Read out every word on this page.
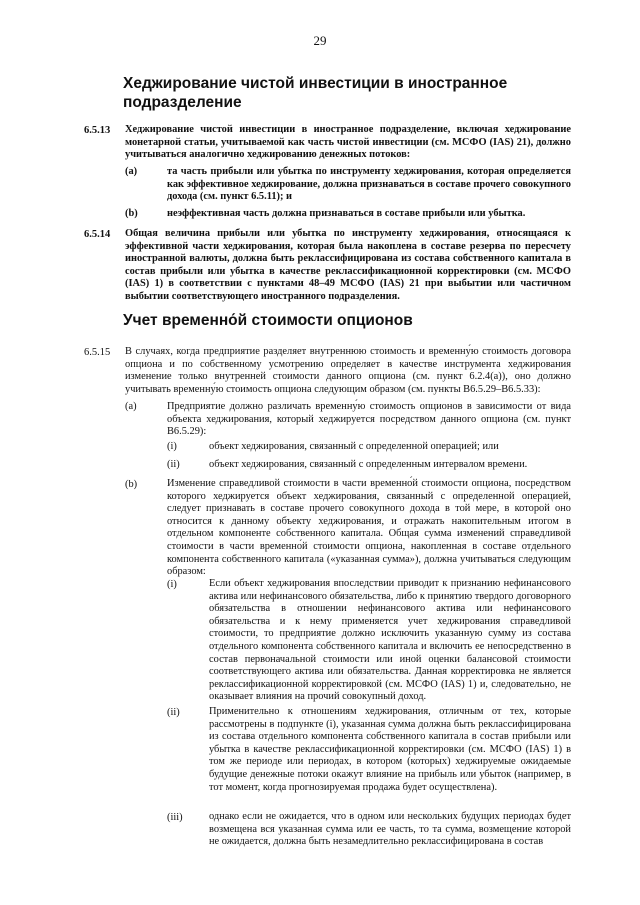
29
Хеджирование чистой инвестиции в иностранное подразделение
6.5.13 Хеджирование чистой инвестиции в иностранное подразделение, включая хеджирование монетарной статьи, учитываемой как часть чистой инвестиции (см. МСФО (IAS) 21), должно учитываться аналогично хеджированию денежных потоков:
(a)	та часть прибыли или убытка по инструменту хеджирования, которая определяется как эффективное хеджирование, должна признаваться в составе прочего совокупного дохода (см. пункт 6.5.11); и
(b)	неэффективная часть должна признаваться в составе прибыли или убытка.
6.5.14 Общая величина прибыли или убытка по инструменту хеджирования, относящаяся к эффективной части хеджирования, которая была накоплена в составе резерва по пересчету иностранной валюты, должна быть реклассифицирована из состава собственного капитала в состав прибыли или убытка в качестве реклассификационной корректировки (см. МСФО (IAS) 1) в соответствии с пунктами 48–49 МСФО (IAS) 21 при выбытии или частичном выбытии соответствующего иностранного подразделения.
Учет временно́й стоимости опционов
6.5.15 В случаях, когда предприятие разделяет внутреннюю стоимость и временну́ю стоимость договора опциона и по собственному усмотрению определяет в качестве инструмента хеджирования изменение только внутренней стоимости данного опциона (см. пункт 6.2.4(a)), оно должно учитывать временну́ю стоимость опциона следующим образом (см. пункты B6.5.29–B6.5.33):
(a)	Предприятие должно различать временну́ю стоимость опционов в зависимости от вида объекта хеджирования, который хеджируется посредством данного опциона (см. пункт B6.5.29):
(i)	объект хеджирования, связанный с определенной операцией; или
(ii)	объект хеджирования, связанный с определенным интервалом времени.
(b)	Изменение справедливой стоимости в части временно́й стоимости опциона, посредством которого хеджируется объект хеджирования, связанный с определенной операцией, следует признавать в составе прочего совокупного дохода в той мере, в которой оно относится к данному объекту хеджирования, и отражать накопительным итогом в отдельном компоненте собственного капитала. Общая сумма изменений справедливой стоимости в части временно́й стоимости опциона, накопленная в составе отдельного компонента собственного капитала («указанная сумма»), должна учитываться следующим образом:
(i)	Если объект хеджирования впоследствии приводит к признанию нефинансового актива или нефинансового обязательства, либо к принятию твердого договорного обязательства в отношении нефинансового актива или нефинансового обязательства и к нему применяется учет хеджирования справедливой стоимости, то предприятие должно исключить указанную сумму из состава отдельного компонента собственного капитала и включить ее непосредственно в состав первоначальной стоимости или иной оценки балансовой стоимости соответствующего актива или обязательства. Данная корректировка не является реклассификационной корректировкой (см. МСФО (IAS) 1) и, следовательно, не оказывает влияния на прочий совокупный доход.
(ii)	Применительно к отношениям хеджирования, отличным от тех, которые рассмотрены в подпункте (i), указанная сумма должна быть реклассифицирована из состава отдельного компонента собственного капитала в состав прибыли или убытка в качестве реклассификационной корректировки (см. МСФО (IAS) 1) в том же периоде или периодах, в котором (которых) хеджируемые ожидаемые будущие денежные потоки окажут влияние на прибыль или убыток (например, в тот момент, когда прогнозируемая продажа будет осуществлена).
(iii)	однако если не ожидается, что в одном или нескольких будущих периодах будет возмещена вся указанная сумма или ее часть, то та сумма, возмещение которой не ожидается, должна быть незамедлительно реклассифицирована в состав
